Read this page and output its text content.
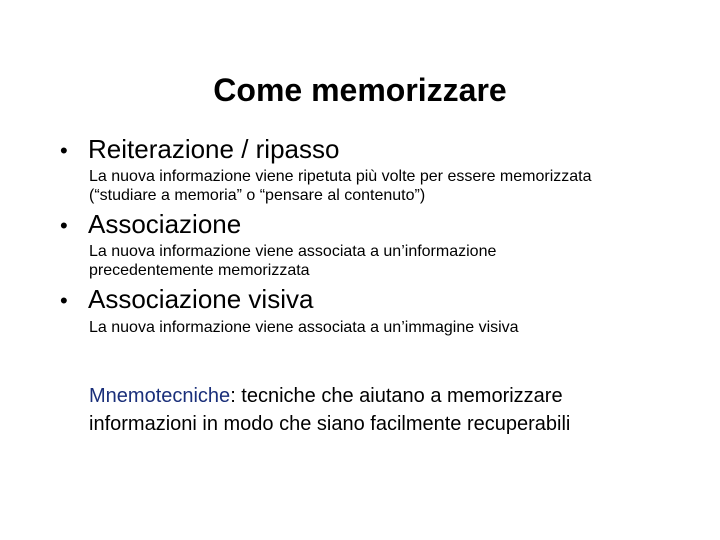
Come memorizzare
• Reiterazione / ripasso
La nuova informazione viene ripetuta più volte per essere memorizzata
(“studiare a memoria” o “pensare al contenuto”)
• Associazione
La nuova informazione viene associata a un’informazione
precedentemente memorizzata
• Associazione visiva
La nuova informazione viene associata a un’immagine visiva
Mnemotecniche: tecniche che aiutano a memorizzare
informazioni in modo che siano facilmente recuperabili
